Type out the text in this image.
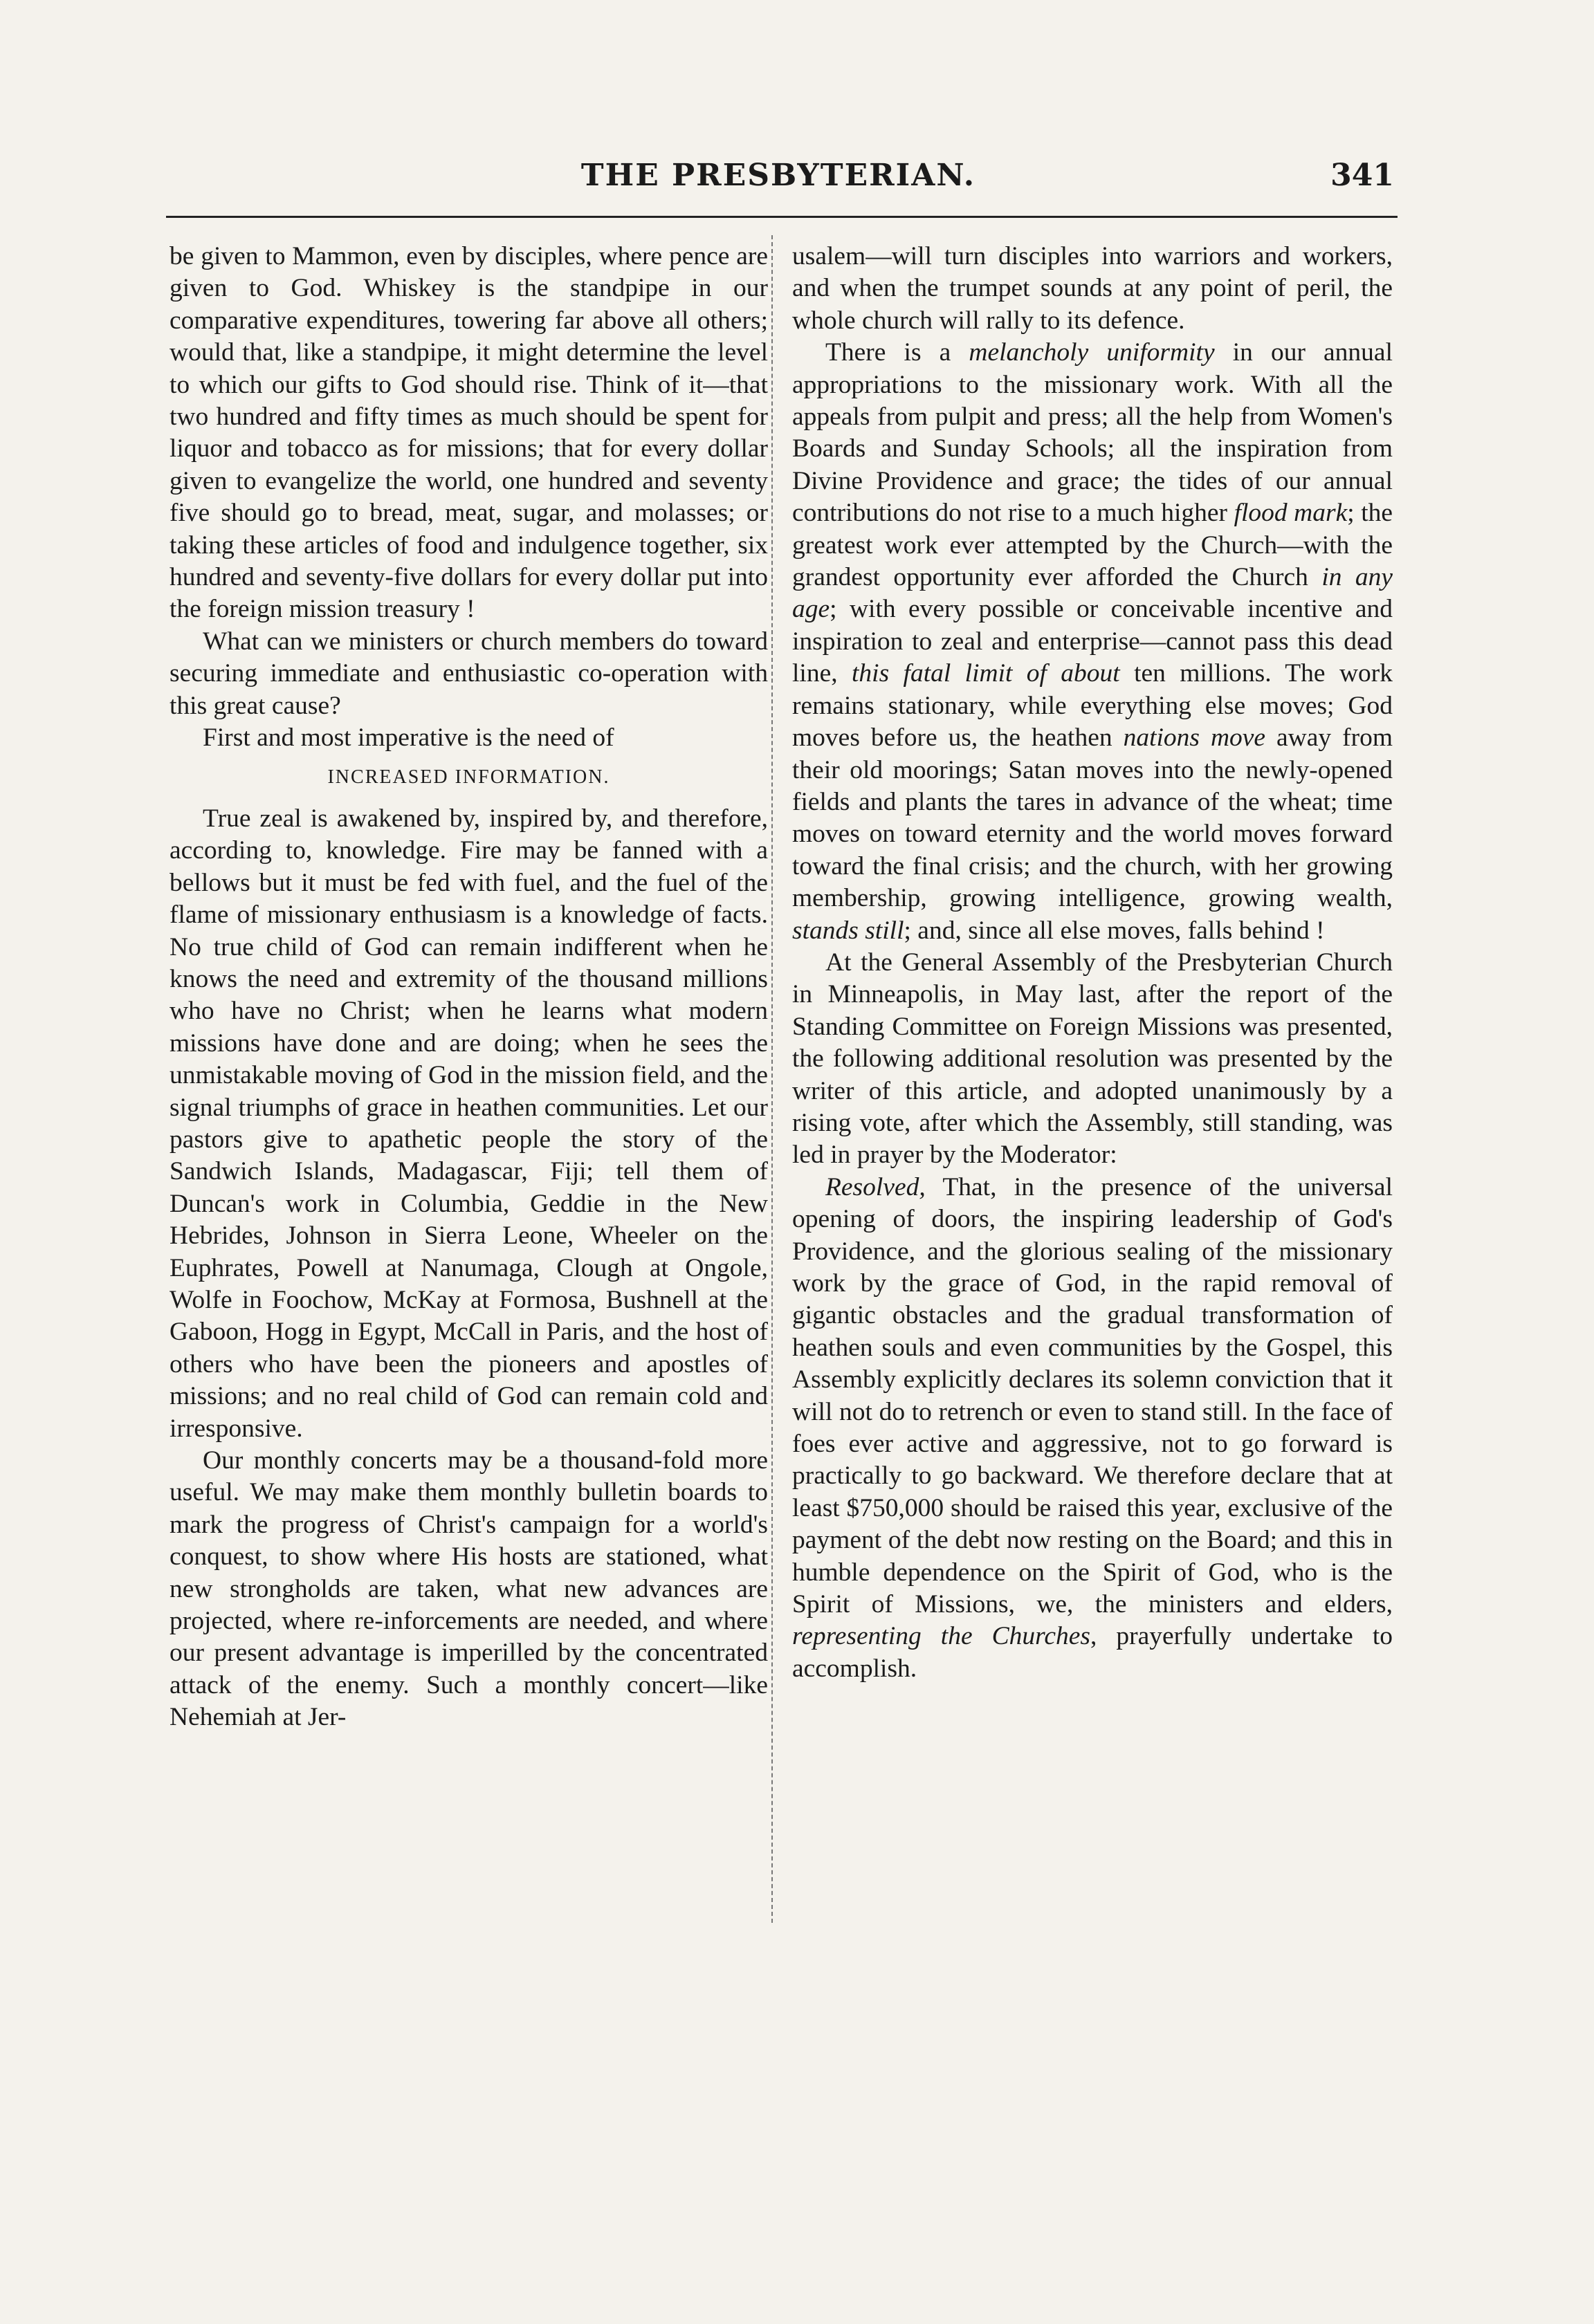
THE PRESBYTERIAN.	341

be given to Mammon, even by disciples, where pence are given to God. Whiskey is the standpipe in our comparative expenditures, towering far above all others; would that, like a standpipe, it might determine the level to which our gifts to God should rise. Think of it—that two hundred and fifty times as much should be spent for liquor and tobacco as for missions; that for every dollar given to evangelize the world, one hundred and seventy five should go to bread, meat, sugar, and molasses; or taking these articles of food and indulgence together, six hundred and seventy-five dollars for every dollar put into the foreign mission treasury !

What can we ministers or church members do toward securing immediate and enthusiastic co-operation with this great cause?

First and most imperative is the need of

INCREASED INFORMATION.

True zeal is awakened by, inspired by, and therefore, according to, knowledge. Fire may be fanned with a bellows but it must be fed with fuel, and the fuel of the flame of missionary enthusiasm is a knowledge of facts. No true child of God can remain indifferent when he knows the need and extremity of the thousand millions who have no Christ; when he learns what modern missions have done and are doing; when he sees the unmistakable moving of God in the mission field, and the signal triumphs of grace in heathen communities. Let our pastors give to apathetic people the story of the Sandwich Islands, Madagascar, Fiji; tell them of Duncan's work in Columbia, Geddie in the New Hebrides, Johnson in Sierra Leone, Wheeler on the Euphrates, Powell at Nanumaga, Clough at Ongole, Wolfe in Foochow, McKay at Formosa, Bushnell at the Gaboon, Hogg in Egypt, McCall in Paris, and the host of others who have been the pioneers and apostles of missions; and no real child of God can remain cold and irresponsive.

Our monthly concerts may be a thousand-fold more useful. We may make them monthly bulletin boards to mark the progress of Christ's campaign for a world's conquest, to show where His hosts are stationed, what new strongholds are taken, what new advances are projected, where re-inforcements are needed, and where our present advantage is imperilled by the concentrated attack of the enemy. Such a monthly concert—like Nehemiah at Jer-

usalem—will turn disciples into warriors and workers, and when the trumpet sounds at any point of peril, the whole church will rally to its defence.

There is a melancholy uniformity in our annual appropriations to the missionary work. With all the appeals from pulpit and press; all the help from Women's Boards and Sunday Schools; all the inspiration from Divine Providence and grace; the tides of our annual contributions do not rise to a much higher flood mark; the greatest work ever attempted by the Church—with the grandest opportunity ever afforded the Church in any age; with every possible or conceivable incentive and inspiration to zeal and enterprise—cannot pass this dead line, this fatal limit of about ten millions. The work remains stationary, while everything else moves; God moves before us, the heathen nations move away from their old moorings; Satan moves into the newly-opened fields and plants the tares in advance of the wheat; time moves on toward eternity and the world moves forward toward the final crisis; and the church, with her growing membership, growing intelligence, growing wealth, stands still; and, since all else moves, falls behind !

At the General Assembly of the Presbyterian Church in Minneapolis, in May last, after the report of the Standing Committee on Foreign Missions was presented, the following additional resolution was presented by the writer of this article, and adopted unanimously by a rising vote, after which the Assembly, still standing, was led in prayer by the Moderator:

Resolved, That, in the presence of the universal opening of doors, the inspiring leadership of God's Providence, and the glorious sealing of the missionary work by the grace of God, in the rapid removal of gigantic obstacles and the gradual transformation of heathen souls and even communities by the Gospel, this Assembly explicitly declares its solemn conviction that it will not do to retrench or even to stand still. In the face of foes ever active and aggressive, not to go forward is practically to go backward. We therefore declare that at least $750,000 should be raised this year, exclusive of the payment of the debt now resting on the Board; and this in humble dependence on the Spirit of God, who is the Spirit of Missions, we, the ministers and elders, representing the Churches, prayerfully undertake to accomplish.
